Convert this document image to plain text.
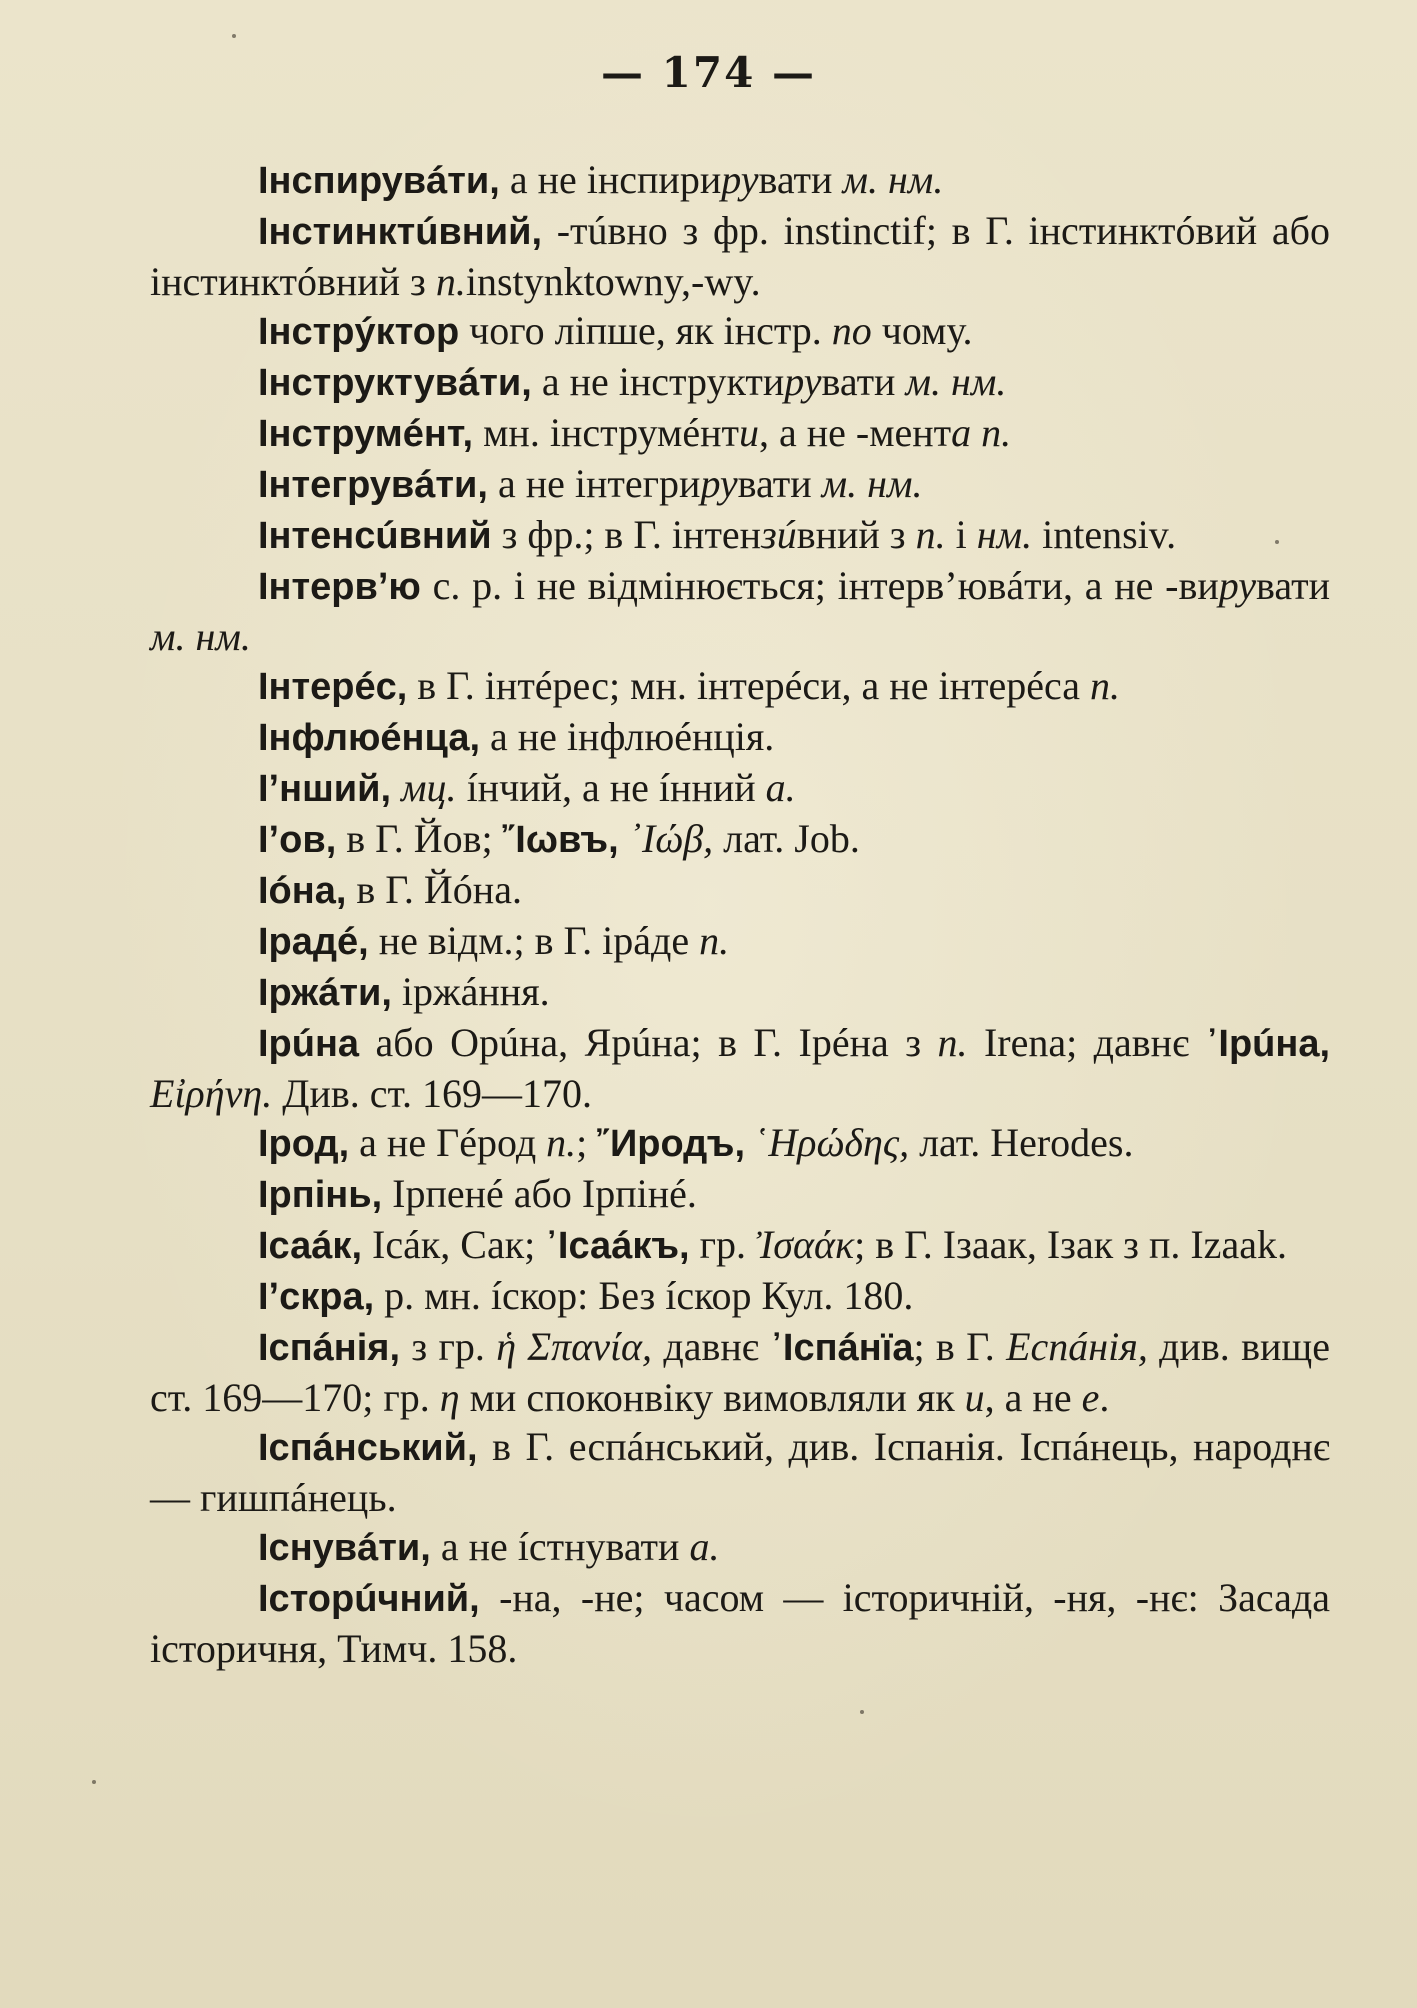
— 174 —

Інспирувáти, а не інспирирувати м. нм.

Інстинктúвний, -тúвно з фр. instinctif; в Г. інстинктóвий або інстинктóвний з п.instynktowny,-wy.

Інстрýктор чого ліпше, як інстр. по чому.

Інструктувáти, а не інструктирувати м. нм.

Інструмéнт, мн. інструмéнти, а не -мента п.

Інтегрувáти, а не інтегрирувати м. нм.

Інтенсúвний з фр.; в Г. інтензúвний з п. і нм. intensiv.

Інтерв’ю с. р. і не відмінюється; інтерв’ювáти, а не -вирувати м. нм.

Інтерéс, в Г. інтéрес; мн. інтерéси, а не інтерéса п.

Інфлюéнца, а не інфлюéнція.

І’нший, мц. íнчий, а не íнний а.

І’ов, в Г. Йов; ῎Іωвъ, ᾿Ιώβ, лат. Job.

Іóна, в Г. Йóна.

Ірадé, не відм.; в Г. ірáде п.

Іржáти, іржáння.

Ірúна або Орúна, Ярúна; в Г. Ірéна з п. Irena; давнє ᾿Ірúна, Εἰρήνη. Див. ст. 169—170.

Ірод, а не Гéрод п.; ῎Иродъ, ῾Ηρώδης, лат. Herodes.

Ірпінь, Ірпенé або Ірпінé.

Ісаáк, Ісáк, Сак; ᾿Ісаáкъ, гр. Ἰσαάκ; в Г. Ізаак, Ізак з п. Izaak.

І’скра, р. мн. íскор: Без íскор Кул. 180.

Іспáнія, з гр. ἡ Σπανία, давнє ᾿Іспáнїа; в Г. Еспáнія, див. вище ст. 169—170; гр. η ми споконвіку вимовляли як и, а не е.

Іспáнський, в Г. еспáнський, див. Іспанія. Іспáнець, народнє — гишпáнець.

Існувáти, а не íстнувати а.

Історúчний, -на, -не; часом — історичній, -ня, -нє: Засада історичня, Тимч. 158.
